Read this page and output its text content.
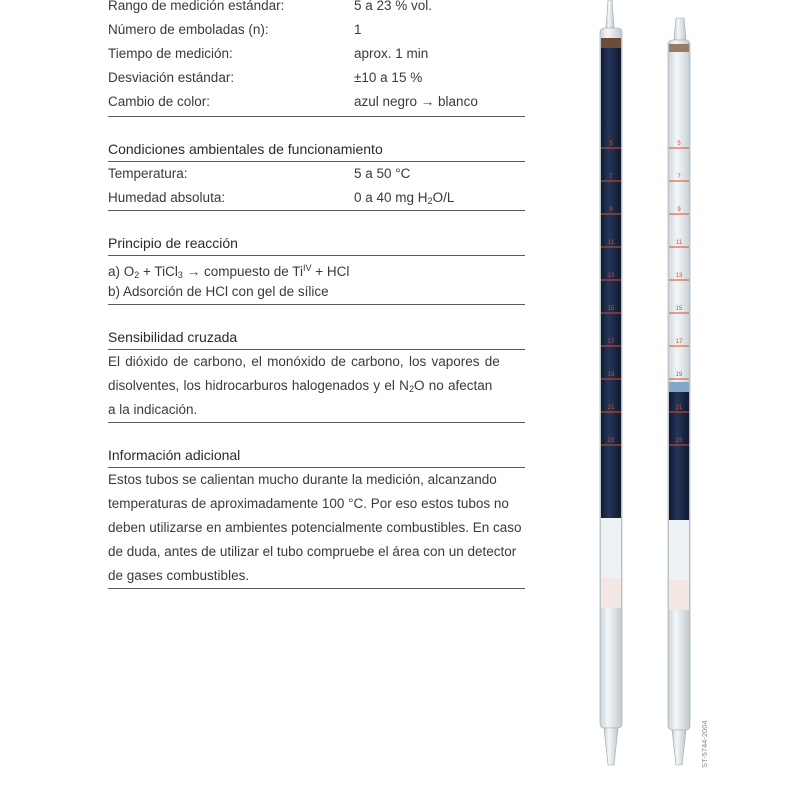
Rango de medición estándar:	5 a 23 % vol.
Número de emboladas (n):	1
Tiempo de medición:	aprox. 1 min
Desviación estándar:	±10 a 15 %
Cambio de color:	azul negro → blanco
Condiciones ambientales de funcionamiento
Temperatura:	5 a 50 °C
Humedad absoluta:	0 a 40 mg $H_2O/L$
Principio de reacción
a) $O_2$ + TiCl$_3$ → compuesto de $Ti^{IV}$ + HCl
b) Adsorción de HCl con gel de sílice
Sensibilidad cruzada
El dióxido de carbono, el monóxido de carbono, los vapores de
disolventes, los hidrocarburos halogenados y el $N_2O$ no afectan
a la indicación.
Información adicional
Estos tubos se calientan mucho durante la medición, alcanzando
temperaturas de aproximadamente 100 °C. Por eso estos tubos no
deben utilizarse en ambientes potencialmente combustibles. En caso
de duda, antes de utilizar el tubo compruebe el área con un detector
de gases combustibles.
5
7
9
11
13
15
17
19
21
23
5
7
9
11
13
15
17
19
21
23
ST-5744-2004
